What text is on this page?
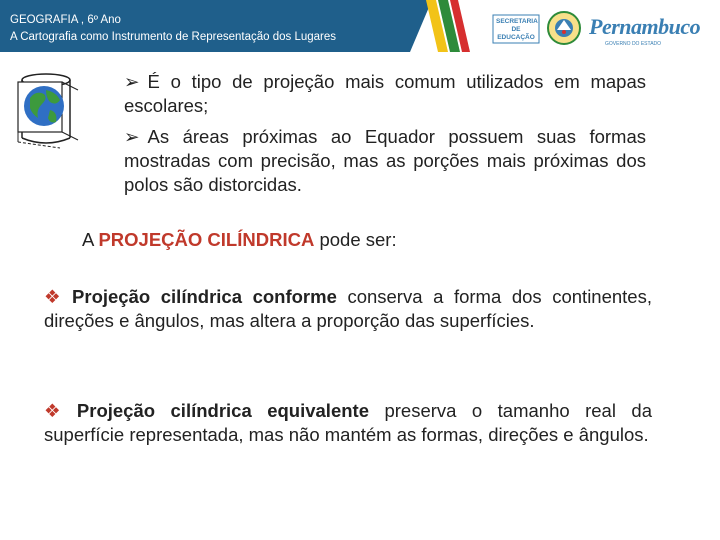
GEOGRAFIA , 6º Ano
A Cartografia como Instrumento de Representação dos Lugares
SECRETARIA DE EDUCAÇÃO Pernambuco
GOVERNO DO ESTADO
➢ É o tipo de projeção mais comum utilizados em mapas escolares;
➢ As áreas próximas ao Equador possuem suas formas mostradas com precisão, mas as porções mais próximas dos polos são distorcidas.
A PROJEÇÃO CILÍNDRICA pode ser:
❖ Projeção cilíndrica conforme conserva a forma dos continentes, direções e ângulos, mas altera a proporção das superfícies.
❖ Projeção cilíndrica equivalente preserva o tamanho real da superfície representada, mas não mantém as formas, direções e ângulos.
